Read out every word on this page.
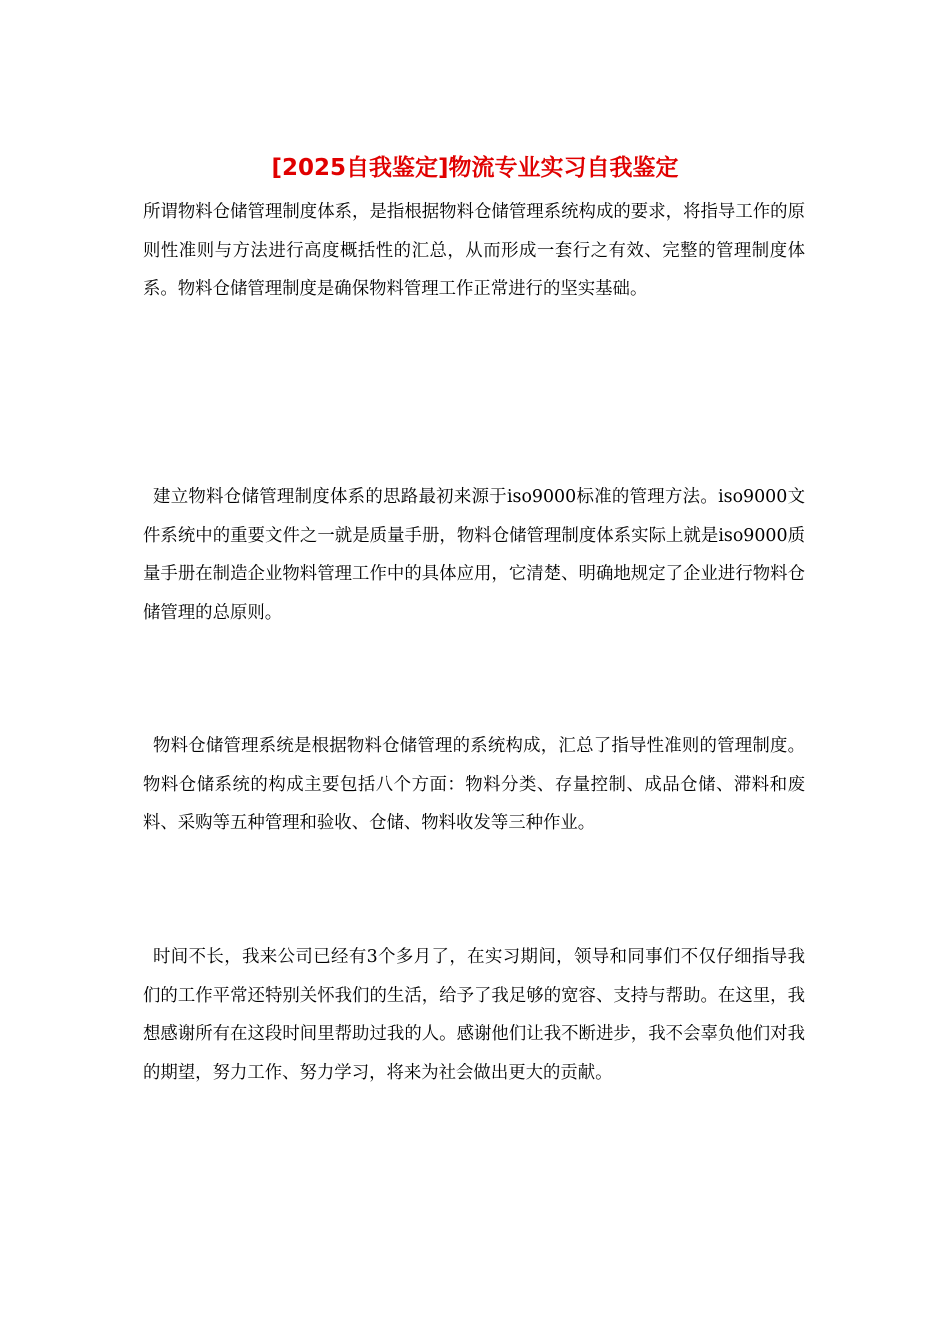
[2025自我鉴定]物流专业实习自我鉴定

所谓物料仓储管理制度体系，是指根据物料仓储管理系统构成的要求，将指导工作的原则性准则与方法进行高度概括性的汇总，从而形成一套行之有效、完整的管理制度体系。物料仓储管理制度是确保物料管理工作正常进行的坚实基础。

建立物料仓储管理制度体系的思路最初来源于iso9000标准的管理方法。iso9000文件系统中的重要文件之一就是质量手册，物料仓储管理制度体系实际上就是iso9000质量手册在制造企业物料管理工作中的具体应用，它清楚、明确地规定了企业进行物料仓储管理的总原则。

物料仓储管理系统是根据物料仓储管理的系统构成，汇总了指导性准则的管理制度。物料仓储系统的构成主要包括八个方面：物料分类、存量控制、成品仓储、滞料和废料、采购等五种管理和验收、仓储、物料收发等三种作业。

时间不长，我来公司已经有3个多月了，在实习期间，领导和同事们不仅仔细指导我们的工作平常还特别关怀我们的生活，给予了我足够的宽容、支持与帮助。在这里，我想感谢所有在这段时间里帮助过我的人。感谢他们让我不断进步，我不会辜负他们对我的期望，努力工作、努力学习，将来为社会做出更大的贡献。
